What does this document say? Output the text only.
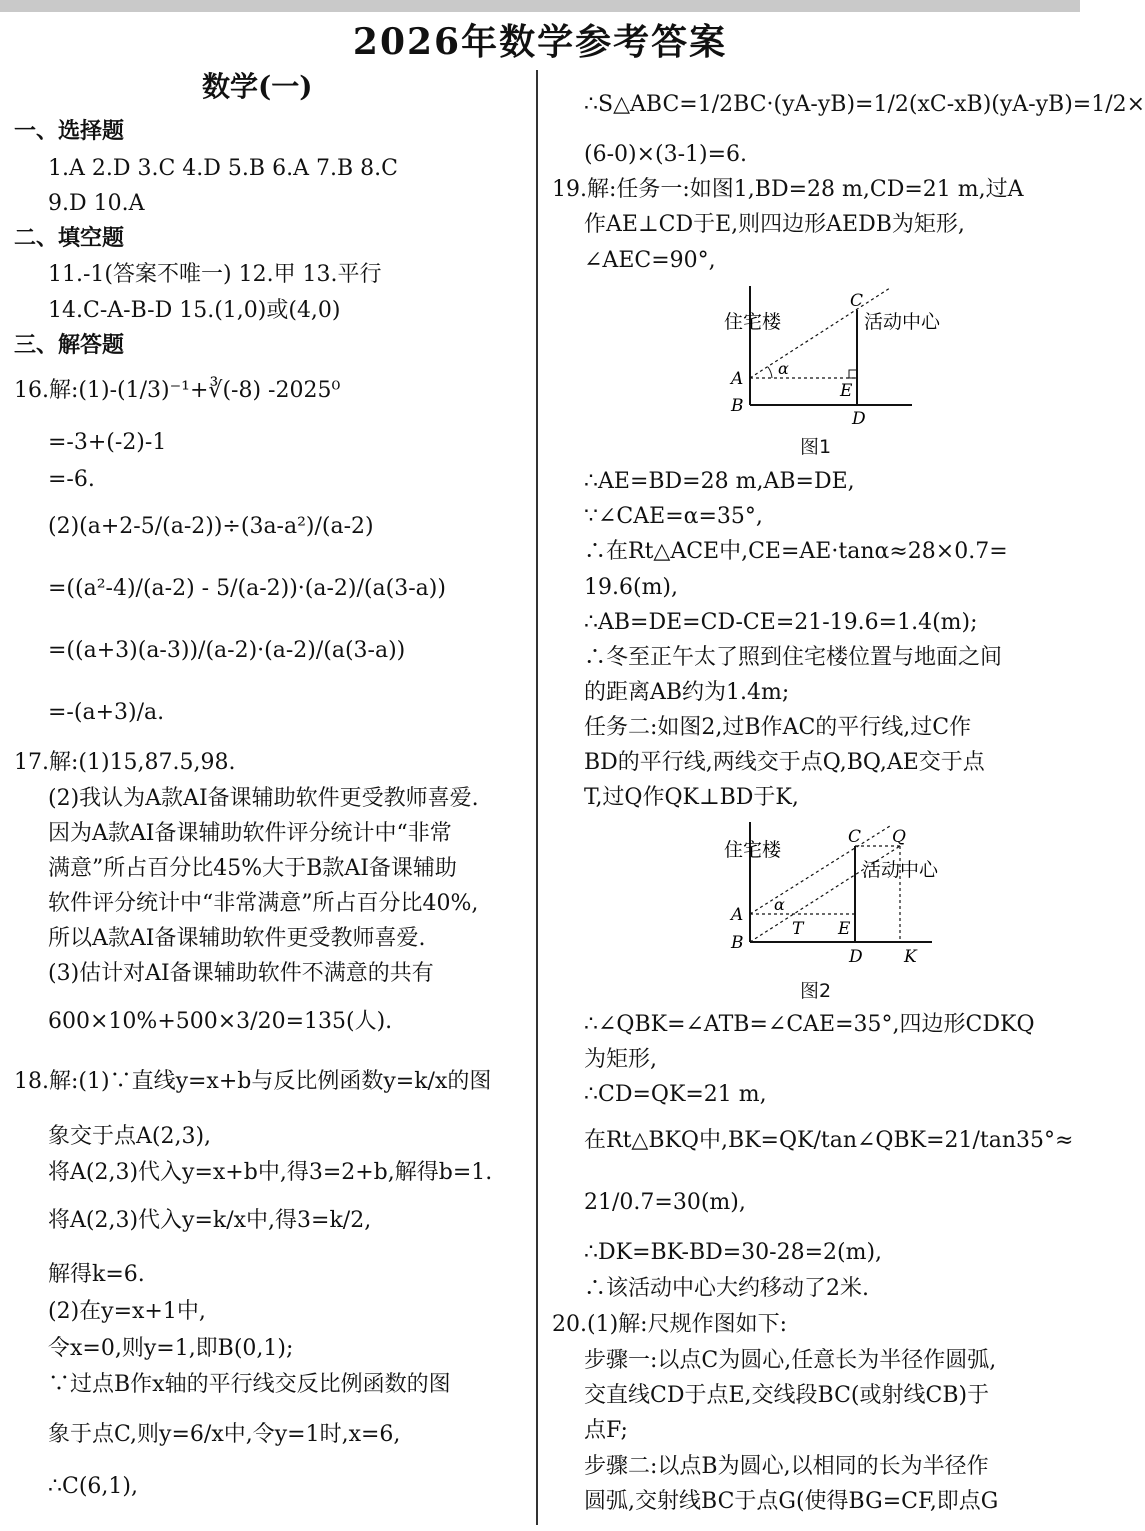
2026年数学参考答案
数学(一)
一、选择题
1.A 2.D 3.C 4.D 5.B 6.A 7.B 8.C
9.D 10.A
二、填空题
11.-1(答案不唯一) 12.甲 13.平行
14.C-A-B-D 15.(1,0)或(4,0)
三、解答题
16.解:(1)-(1/3)⁻¹+∛(-8) -2025⁰
=-3+(-2)-1
=-6.
(2)(a+2-5/(a-2))÷(3a-a²)/(a-2)
=((a²-4)/(a-2) - 5/(a-2))·(a-2)/(a(3-a))
=((a+3)(a-3))/(a-2)·(a-2)/(a(3-a))
=-(a+3)/a.
17.解:(1)15,87.5,98.
(2)我认为A款AI备课辅助软件更受教师喜爱.
因为A款AI备课辅助软件评分统计中“非常
满意”所占百分比45%大于B款AI备课辅助
软件评分统计中“非常满意”所占百分比40%,
所以A款AI备课辅助软件更受教师喜爱.
(3)估计对AI备课辅助软件不满意的共有
600×10%+500×3/20=135(人).
18.解:(1)∵直线y=x+b与反比例函数y=k/x的图
象交于点A(2,3),
将A(2,3)代入y=x+b中,得3=2+b,解得b=1.
将A(2,3)代入y=k/x中,得3=k/2,
解得k=6.
(2)在y=x+1中,
令x=0,则y=1,即B(0,1);
∵过点B作x轴的平行线交反比例函数的图
象于点C,则y=6/x中,令y=1时,x=6,
∴C(6,1),
∴S△ABC=1/2BC·(yA-yB)=1/2(xC-xB)(yA-yB)=1/2×
(6-0)×(3-1)=6.
19.解:任务一:如图1,BD=28 m,CD=21 m,过A
作AE⊥CD于E,则四边形AEDB为矩形,
∠AEC=90°,
住宅楼
A
B
C
D
E
α
活动中心
图1
∴AE=BD=28 m,AB=DE,
∵∠CAE=α=35°,
∴在Rt△ACE中,CE=AE·tanα≈28×0.7=
19.6(m),
∴AB=DE=CD-CE=21-19.6=1.4(m);
∴冬至正午太了照到住宅楼位置与地面之间
的距离AB约为1.4m;
任务二:如图2,过B作AC的平行线,过C作
BD的平行线,两线交于点Q,BQ,AE交于点
T,过Q作QK⊥BD于K,
住宅楼
A
B
C
D
E
T
Q
K
α
活动中心
图2
∴∠QBK=∠ATB=∠CAE=35°,四边形CDKQ
为矩形,
∴CD=QK=21 m,
在Rt△BKQ中,BK=QK/tan∠QBK=21/tan35°≈
21/0.7=30(m),
∴DK=BK-BD=30-28=2(m),
∴该活动中心大约移动了2米.
20.(1)解:尺规作图如下:
步骤一:以点C为圆心,任意长为半径作圆弧,
交直线CD于点E,交线段BC(或射线CB)于
点F;
步骤二:以点B为圆心,以相同的长为半径作
圆弧,交射线BC于点G(使得BG=CF,即点G
